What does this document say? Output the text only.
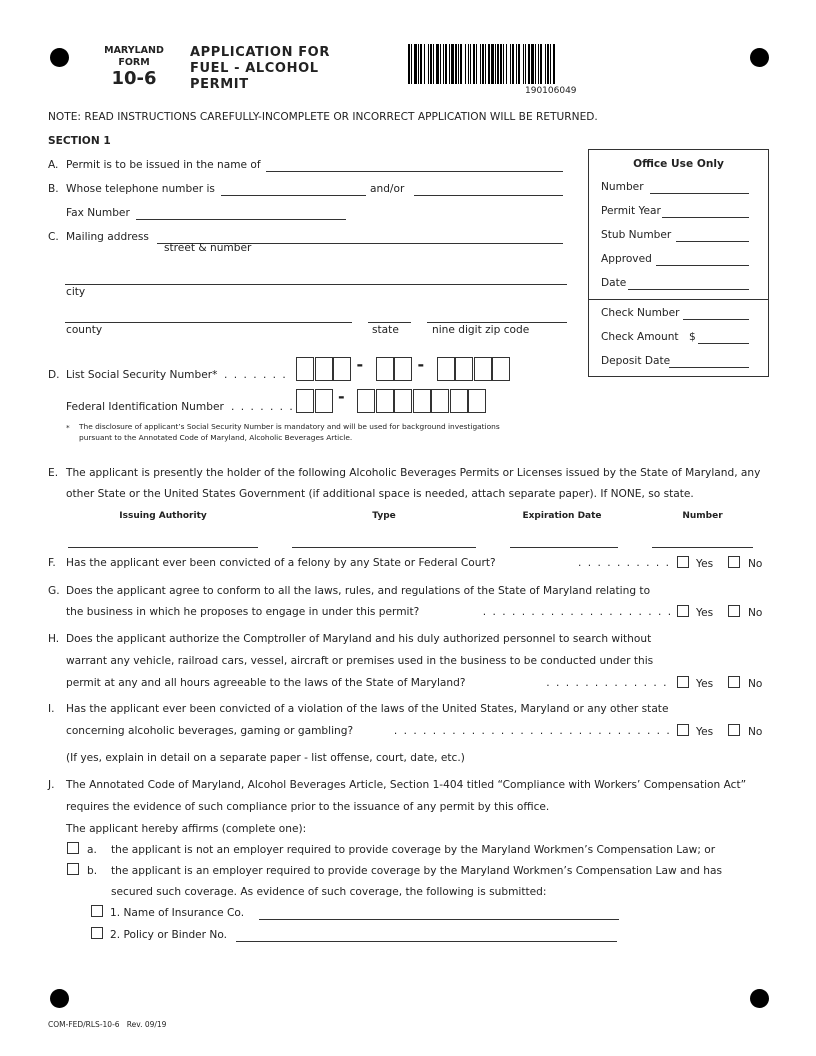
MARYLAND
FORM
10-6
APPLICATION FOR
FUEL - ALCOHOL
PERMIT	190106049
NOTE: READ INSTRUCTIONS CAREFULLY-INCOMPLETE OR INCORRECT APPLICATION WILL BE RETURNED.
SECTION 1
A. Permit is to be issued in the name of
B. Whose telephone number is	and/or
Fax Number
C. Mailing address
street & number
city
county	state	nine digit zip code
D. List Social Security Number*
. . .
-	-
Federal Identification Number
. . .
-
* The disclosure of applicant’s Social Security Number is mandatory and will be used for background investigations
pursuant to the Annotated Code of Maryland, Alcoholic Beverages Article.
Office Use Only
E. The applicant is presently the holder of the following Alcoholic Beverages Permits or Licenses issued by the State of Maryland, any
other State or the United States Government (if additional space is needed, attach separate paper). If NONE, so state.
Issuing Authority	Type	Expiration Date	Number
(If yes, explain in detail on a separate paper - list offense, court, date, etc.)
J. The Annotated Code of Maryland, Alcohol Beverages Article, Section 1-404 titled “Compliance with Workers’ Compensation Act”
requires the evidence of such compliance prior to the issuance of any permit by this office.
The applicant hereby affirms (complete one):
a. the applicant is not an employer required to provide coverage by the Maryland Workmen’s Compensation Law; or
b. the applicant is an employer required to provide coverage by the Maryland Workmen’s Compensation Law and has
secured such coverage. As evidence of such coverage, the following is submitted:
1. Name of Insurance Co.
2. Policy or Binder No.
COM-FED/RLS-10-6 Rev. 09/19
Number
Permit Year
Stub Number
Approved
Date
Check Number
Check Amount
Deposit Date
$
F. Has the applicant ever been convicted of a felony by any State or Federal Court? . . .	Yes	No
G. Does the applicant agree to conform to all the laws, rules, and regulations of the State of Maryland relating to
the business in which he proposes to engage in under this permit? . . .	Yes	No
H. Does the applicant authorize the Comptroller of Maryland and his duly authorized personnel to search without
warrant any vehicle, railroad cars, vessel, aircraft or premises used in the business to be conducted under this
permit at any and all hours agreeable to the laws of the State of Maryland? . . .	Yes	No
I. Has the applicant ever been convicted of a violation of the laws of the United States, Maryland or any other state
concerning alcoholic beverages, gaming or gambling? . . .	Yes	No
